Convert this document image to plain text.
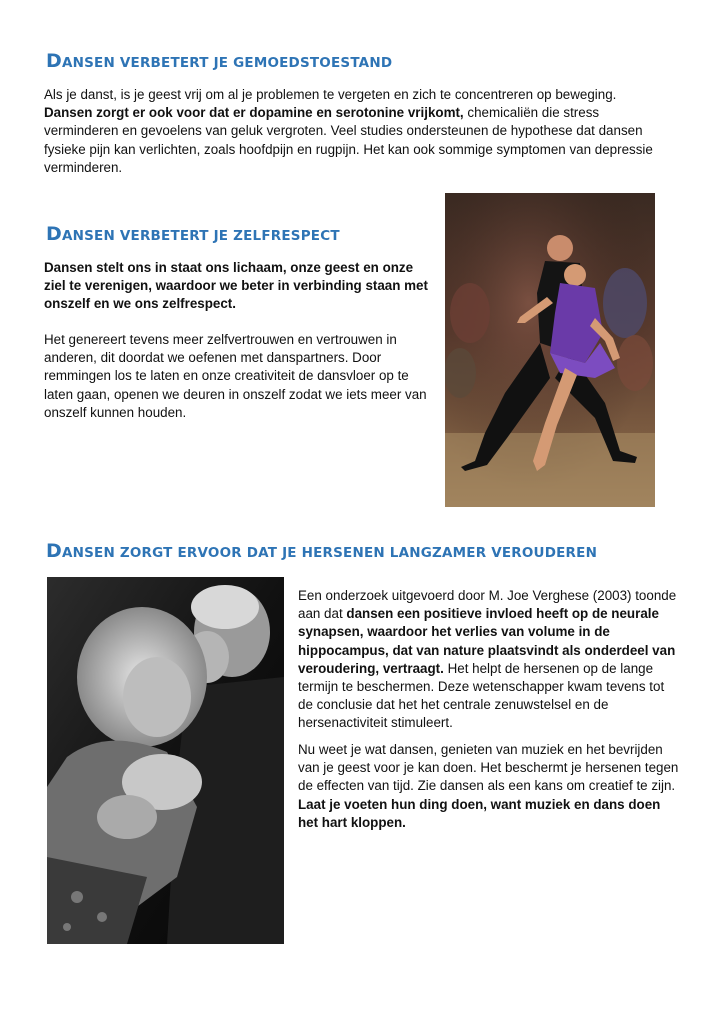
DANSEN VERBETERT JE GEMOEDSTOESTAND

Als je danst, is je geest vrij om al je problemen te vergeten en zich te concentreren op beweging. Dansen zorgt er ook voor dat er dopamine en serotonine vrijkomt, chemicaliën die stress verminderen en gevoelens van geluk vergroten. Veel studies ondersteunen de hypothese dat dansen fysieke pijn kan verlichten, zoals hoofdpijn en rugpijn. Het kan ook sommige symptomen van depressie verminderen.

DANSEN VERBETERT JE ZELFRESPECT

Dansen stelt ons in staat ons lichaam, onze geest en onze ziel te verenigen, waardoor we beter in verbinding staan met onszelf en we ons zelfrespect.

Het genereert tevens meer zelfvertrouwen en vertrouwen in anderen, dit doordat we oefenen met danspartners. Door remmingen los te laten en onze creativiteit de dansvloer op te laten gaan, openen we deuren in onszelf zodat we iets meer van onszelf kunnen houden.

DANSEN ZORGT ERVOOR DAT JE HERSENEN LANGZAMER VEROUDEREN

Een onderzoek uitgevoerd door M. Joe Verghese (2003) toonde aan dat dansen een positieve invloed heeft op de neurale synapsen, waardoor het verlies van volume in de hippocampus, dat van nature plaatsvindt als onderdeel van veroudering, vertraagt. Het helpt de hersenen op de lange termijn te beschermen. Deze wetenschapper kwam tevens tot de conclusie dat het het centrale zenuwstelsel en de hersenactiviteit stimuleert.

Nu weet je wat dansen, genieten van muziek en het bevrijden van je geest voor je kan doen. Het beschermt je hersenen tegen de effecten van tijd. Zie dansen als een kans om creatief te zijn. Laat je voeten hun ding doen, want muziek en dans doen het hart kloppen.
